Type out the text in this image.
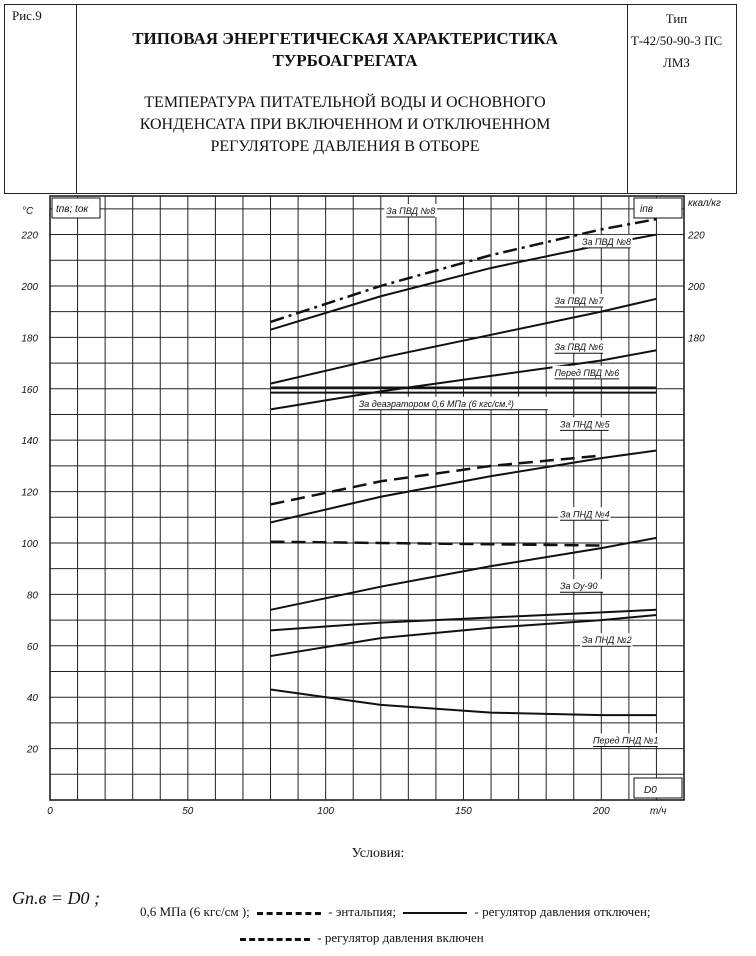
Рис.9
ТИПОВАЯ ЭНЕРГЕТИЧЕСКАЯ ХАРАКТЕРИСТИКА
ТУРБОАГРЕГАТА
ТЕМПЕРАТУРА ПИТАТЕЛЬНОЙ ВОДЫ И ОСНОВНОГО
КОНДЕНСАТА ПРИ ВКЛЮЧЕННОМ И ОТКЛЮЧЕННОМ
РЕГУЛЯТОРЕ ДАВЛЕНИЯ В ОТБОРЕ
Тип
Т-42/50-90-3 ПС
ЛМЗ
20
40
60
80
100
120
140
160
180
200
220
180
200
220
0	50	100	150	200
°C tпв; tок	iпв
ккал/кг
D0
т/ч
За ПВД №8
За ПВД №8
За ПВД №7
За ПВД №6
Перед ПВД №6
За деаэратором 0,6 МПа (6 кгс/см.²)
За ПНД №5
За ПНД №4
За Оу-90
За ПНД №2
Перед ПНД №1
Условия:
Gп.в = D0 ;
0,6 МПа (6 кгс/см );	- энтальпия;	- регулятор давления отключен;
- регулятор давления включен
